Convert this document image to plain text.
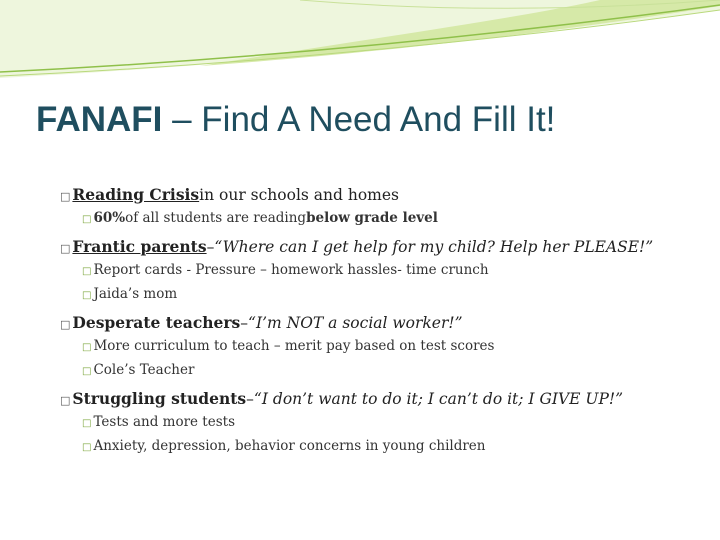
FANAFI – Find A Need And Fill It!
□ Reading Crisis in our schools and homes
□ 60% of all students are reading below grade level
□ Frantic parents – “Where can I get help for my child? Help her PLEASE!”
□ Report cards - Pressure – homework hassles- time crunch
□ Jaida’s mom
□ Desperate teachers – “I’m NOT a social worker!”
□ More curriculum to teach – merit pay based on test scores
□ Cole’s Teacher
□ Struggling students – “I don’t want to do it; I can’t do it; I GIVE UP!”
□ Tests and more tests
□ Anxiety, depression, behavior concerns in young children
